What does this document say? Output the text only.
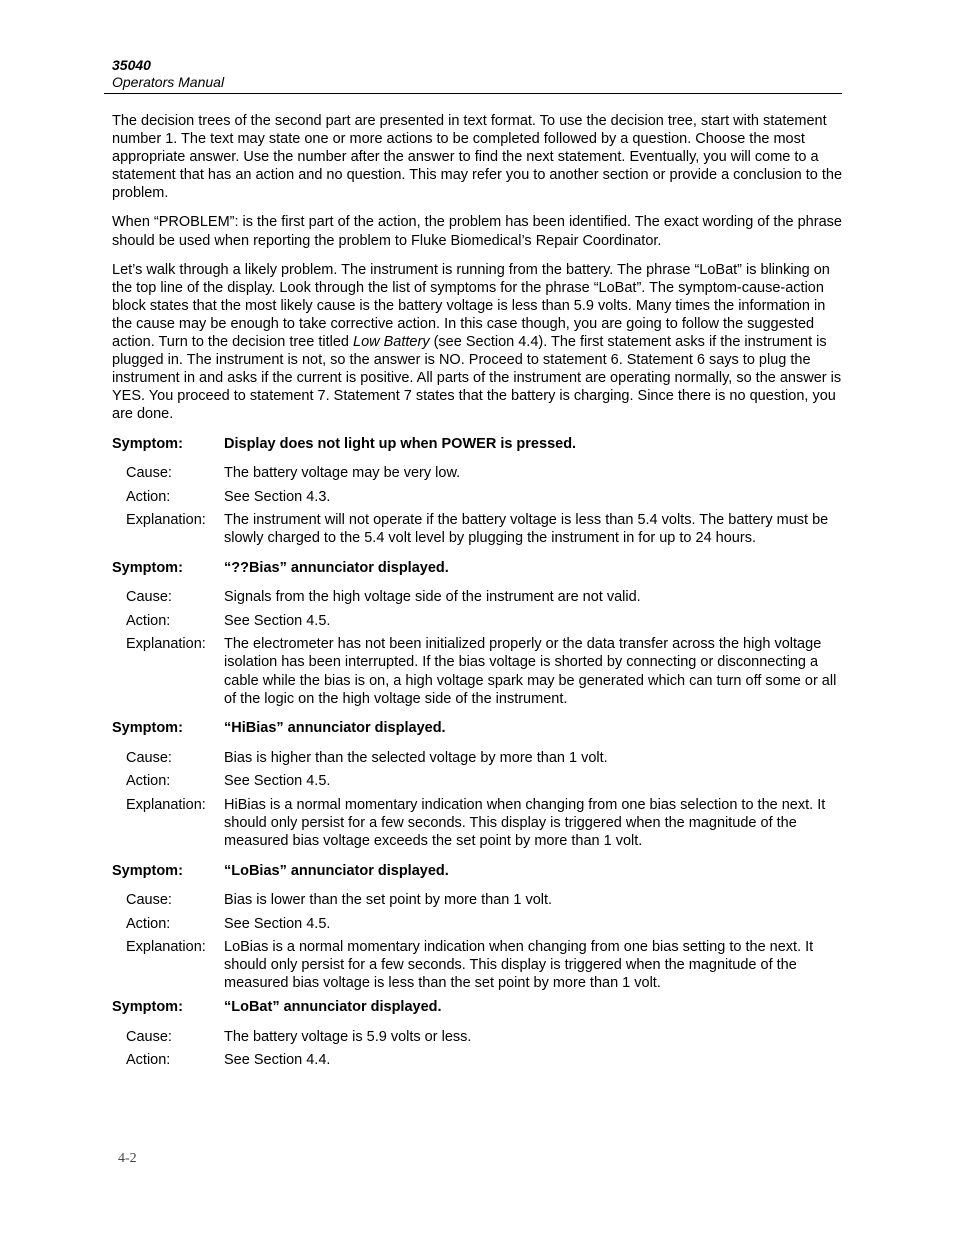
35040
Operators Manual

The decision trees of the second part are presented in text format. To use the decision tree, start with statement number 1. The text may state one or more actions to be completed followed by a question. Choose the most appropriate answer. Use the number after the answer to find the next statement. Eventually, you will come to a statement that has an action and no question. This may refer you to another section or provide a conclusion to the problem.

When “PROBLEM”: is the first part of the action, the problem has been identified. The exact wording of the phrase should be used when reporting the problem to Fluke Biomedical’s Repair Coordinator.

Let’s walk through a likely problem. The instrument is running from the battery. The phrase “LoBat” is blinking on the top line of the display. Look through the list of symptoms for the phrase “LoBat”. The symptom-cause-action block states that the most likely cause is the battery voltage is less than 5.9 volts. Many times the information in the cause may be enough to take corrective action. In this case though, you are going to follow the suggested action. Turn to the decision tree titled Low Battery (see Section 4.4). The first statement asks if the instrument is plugged in. The instrument is not, so the answer is NO. Proceed to statement 6. Statement 6 says to plug the instrument in and asks if the current is positive. All parts of the instrument are operating normally, so the answer is YES. You proceed to statement 7. Statement 7 states that the battery is charging. Since there is no question, you are done.

Symptom:	Display does not light up when POWER is pressed.
Cause:	The battery voltage may be very low.
Action:	See Section 4.3.
Explanation:	The instrument will not operate if the battery voltage is less than 5.4 volts. The battery must be slowly charged to the 5.4 volt level by plugging the instrument in for up to 24 hours.
Symptom:	“??Bias” annunciator displayed.
Cause:	Signals from the high voltage side of the instrument are not valid.
Action:	See Section 4.5.
Explanation:	The electrometer has not been initialized properly or the data transfer across the high voltage isolation has been interrupted. If the bias voltage is shorted by connecting or disconnecting a cable while the bias is on, a high voltage spark may be generated which can turn off some or all of the logic on the high voltage side of the instrument.
Symptom:	“HiBias” annunciator displayed.
Cause:	Bias is higher than the selected voltage by more than 1 volt.
Action:	See Section 4.5.
Explanation:	HiBias is a normal momentary indication when changing from one bias selection to the next. It should only persist for a few seconds. This display is triggered when the magnitude of the measured bias voltage exceeds the set point by more than 1 volt.
Symptom:	“LoBias” annunciator displayed.
Cause:	Bias is lower than the set point by more than 1 volt.
Action:	See Section 4.5.
Explanation:	LoBias is a normal momentary indication when changing from one bias setting to the next. It should only persist for a few seconds. This display is triggered when the magnitude of the measured bias voltage is less than the set point by more than 1 volt.
Symptom:	“LoBat” annunciator displayed.
Cause:	The battery voltage is 5.9 volts or less.
Action:	See Section 4.4.
4-2
